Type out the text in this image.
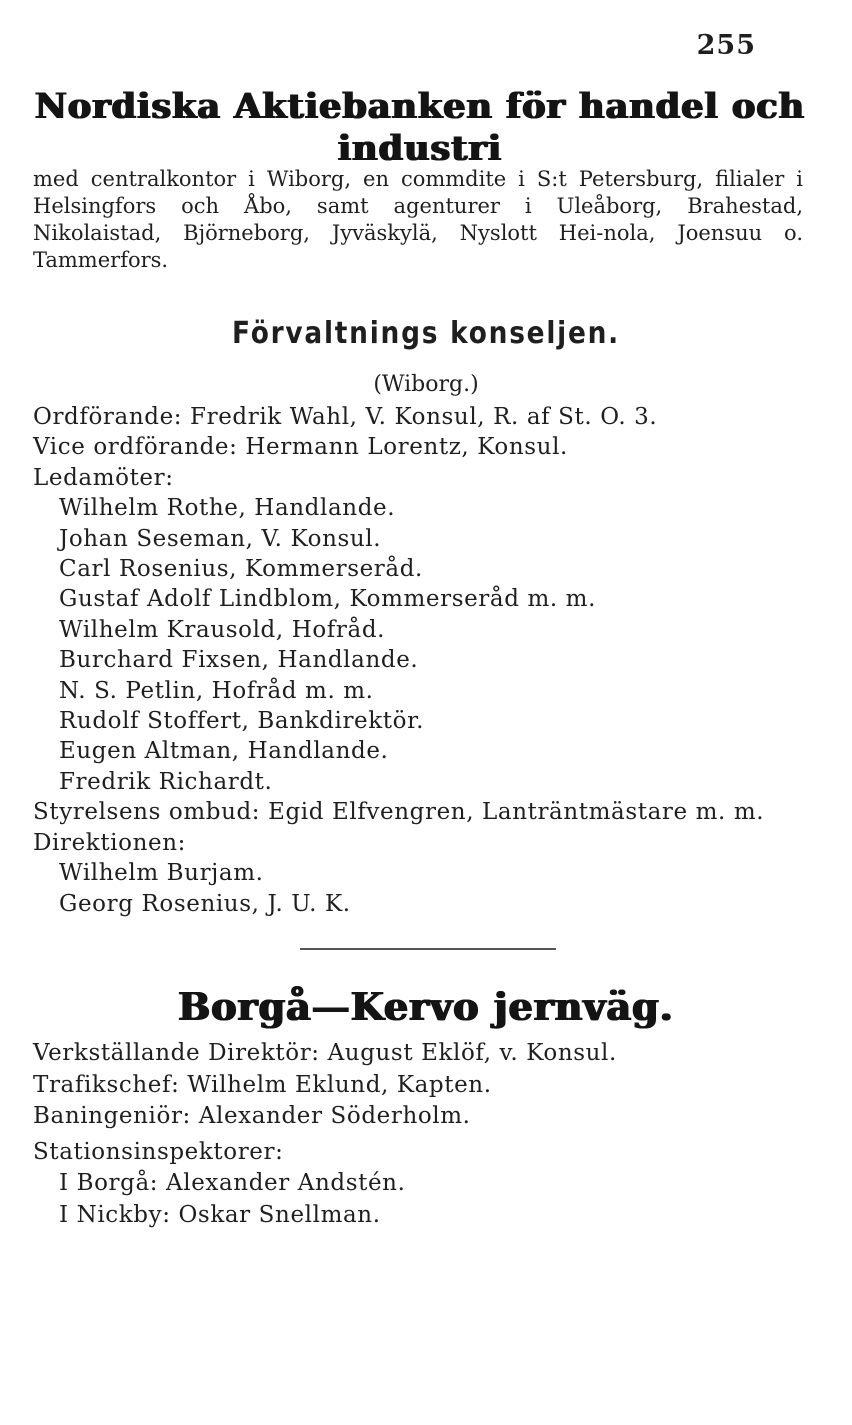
255
Nordiska Aktiebanken för handel och industri

med centralkontor i Wiborg, en commdite i S:t Petersburg, filialer i Helsingfors och Åbo, samt agenturer i Uleåborg, Brahestad, Nikolaistad, Björneborg, Jyväskylä, Nyslott Hei-nola, Joensuu o. Tammerfors.

Förvaltnings konseljen.

(Wiborg.)

Ordförande: Fredrik Wahl, V. Konsul, R. af St. O. 3.

Vice ordförande: Hermann Lorentz, Konsul.

Ledamöter:

Wilhelm Rothe, Handlande.

Johan Seseman, V. Konsul.

Carl Rosenius, Kommerseråd.

Gustaf Adolf Lindblom, Kommerseråd m. m.

Wilhelm Krausold, Hofråd.

Burchard Fixsen, Handlande.

N. S. Petlin, Hofråd m. m.

Rudolf Stoffert, Bankdirektör.

Eugen Altman, Handlande.

Fredrik Richardt.

Styrelsens ombud: Egid Elfvengren, Lanträntmästare m. m.

Direktionen:

Wilhelm Burjam.

Georg Rosenius, J. U. K.

Borgå—Kervo jernväg.

Verkställande Direktör: August Eklöf, v. Konsul.

Trafikschef: Wilhelm Eklund, Kapten.

Baningeniör: Alexander Söderholm.

Stationsinspektorer:

I Borgå: Alexander Andstén.

I Nickby: Oskar Snellman.
